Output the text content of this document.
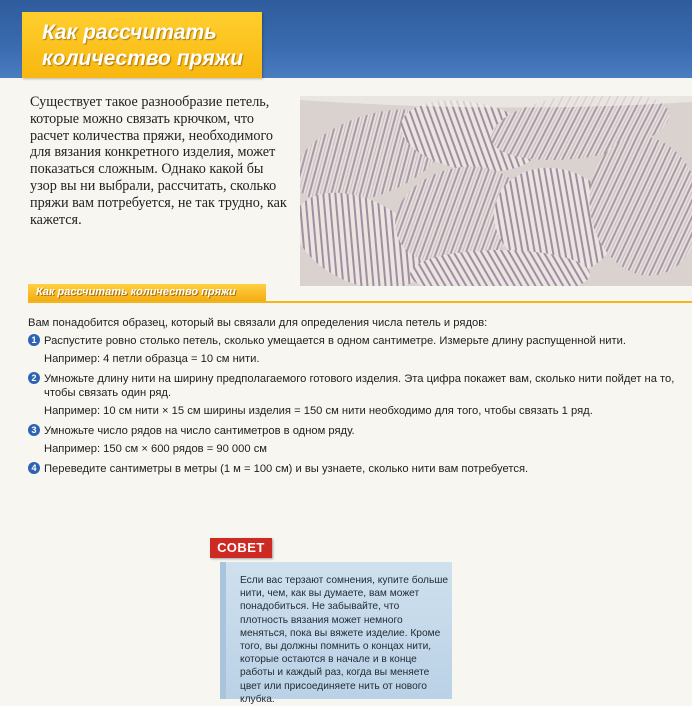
Как рассчитать
количество пряжи
Существует такое разнообразие петель, которые можно связать крючком, что расчет количества пряжи, необходимого для вязания конкретного изделия, может показаться сложным. Однако какой бы узор вы ни выбрали, рассчитать, сколько пряжи вам потребуется, не так трудно, как кажется.
Как рассчитать количество пряжи
Вам понадобится образец, который вы связали для определения числа петель и рядов:
1 Распустите ровно столько петель, сколько умещается в одном сантиметре. Измерьте длину распущенной нити.
Например: 4 петли образца = 10 см нити.
2 Умножьте длину нити на ширину предполагаемого готового изделия. Эта цифра покажет вам, сколько нити пойдет на то, чтобы связать один ряд.
Например: 10 см нити × 15 см ширины изделия = 150 см нити необходимо для того, чтобы связать 1 ряд.
3 Умножьте число рядов на число сантиметров в одном ряду.
Например: 150 см × 600 рядов = 90 000 см
4 Переведите сантиметры в метры (1 м = 100 см) и вы узнаете, сколько нити вам потребуется.
СОВЕТ
Если вас терзают сомнения, купите больше нити, чем, как вы думаете, вам может понадобиться. Не забывайте, что плотность вязания может немного меняться, пока вы вяжете изделие. Кроме того, вы должны помнить о концах нити, которые остаются в начале и в конце работы и каждый раз, когда вы меняете цвет или присоединяете нить от нового клубка.
